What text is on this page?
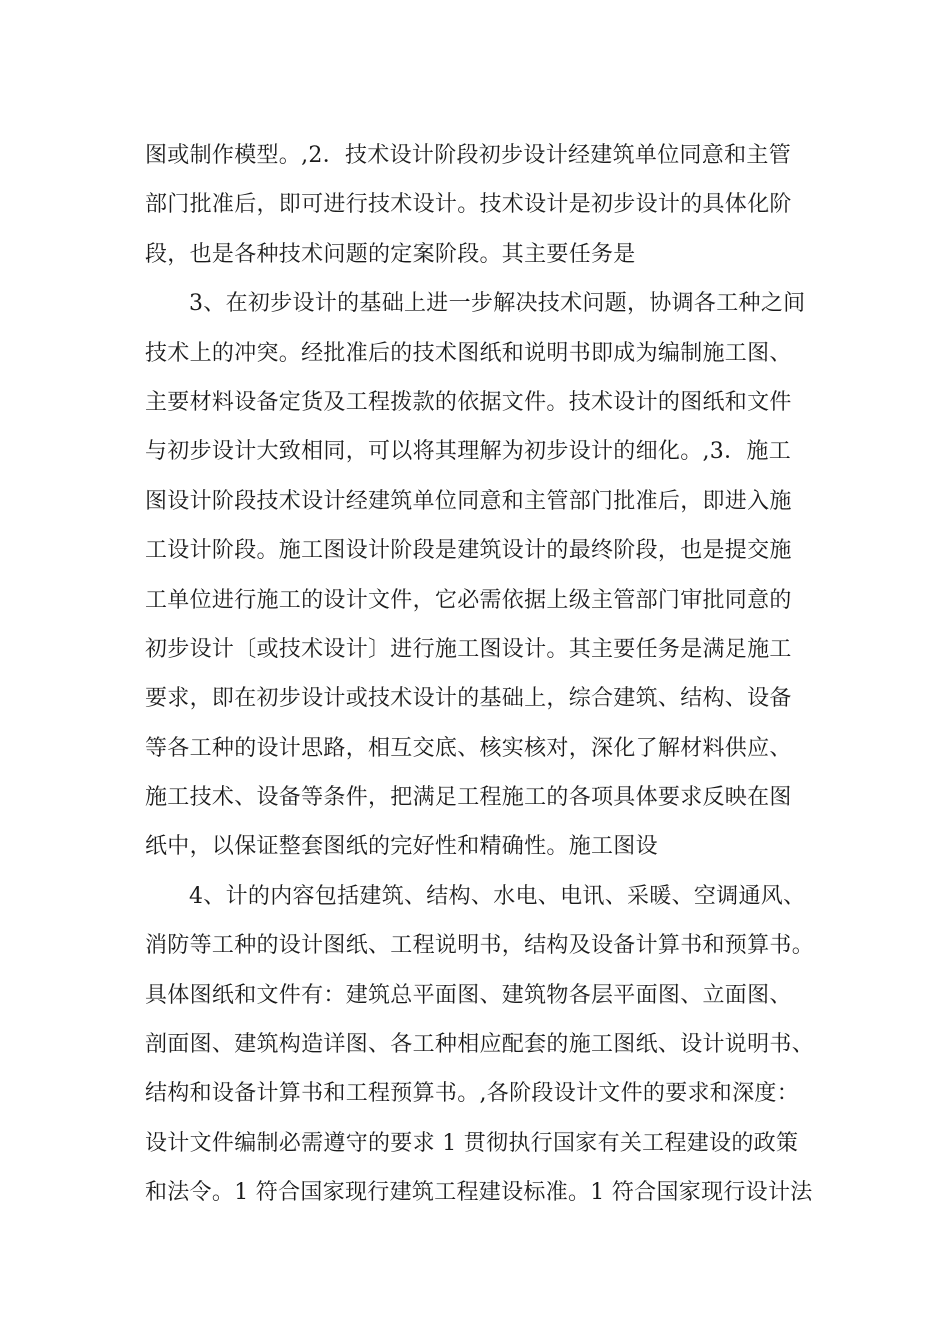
图或制作模型。,2．技术设计阶段初步设计经建筑单位同意和主管
部门批准后，即可进行技术设计。技术设计是初步设计的具体化阶
段，也是各种技术问题的定案阶段。其主要任务是
3、在初步设计的基础上进一步解决技术问题，协调各工种之间
技术上的冲突。经批准后的技术图纸和说明书即成为编制施工图、
主要材料设备定货及工程拨款的依据文件。技术设计的图纸和文件
与初步设计大致相同，可以将其理解为初步设计的细化。,3．施工
图设计阶段技术设计经建筑单位同意和主管部门批准后，即进入施
工设计阶段。施工图设计阶段是建筑设计的最终阶段，也是提交施
工单位进行施工的设计文件，它必需依据上级主管部门审批同意的
初步设计〔或技术设计〕进行施工图设计。其主要任务是满足施工
要求，即在初步设计或技术设计的基础上，综合建筑、结构、设备
等各工种的设计思路，相互交底、核实核对，深化了解材料供应、
施工技术、设备等条件，把满足工程施工的各项具体要求反映在图
纸中，以保证整套图纸的完好性和精确性。施工图设
4、计的内容包括建筑、结构、水电、电讯、采暖、空调通风、
消防等工种的设计图纸、工程说明书，结构及设备计算书和预算书。
具体图纸和文件有：建筑总平面图、建筑物各层平面图、立面图、
剖面图、建筑构造详图、各工种相应配套的施工图纸、设计说明书、
结构和设备计算书和工程预算书。,各阶段设计文件的要求和深度：
设计文件编制必需遵守的要求 1 贯彻执行国家有关工程建设的政策
和法令。1 符合国家现行建筑工程建设标准。1 符合国家现行设计法
